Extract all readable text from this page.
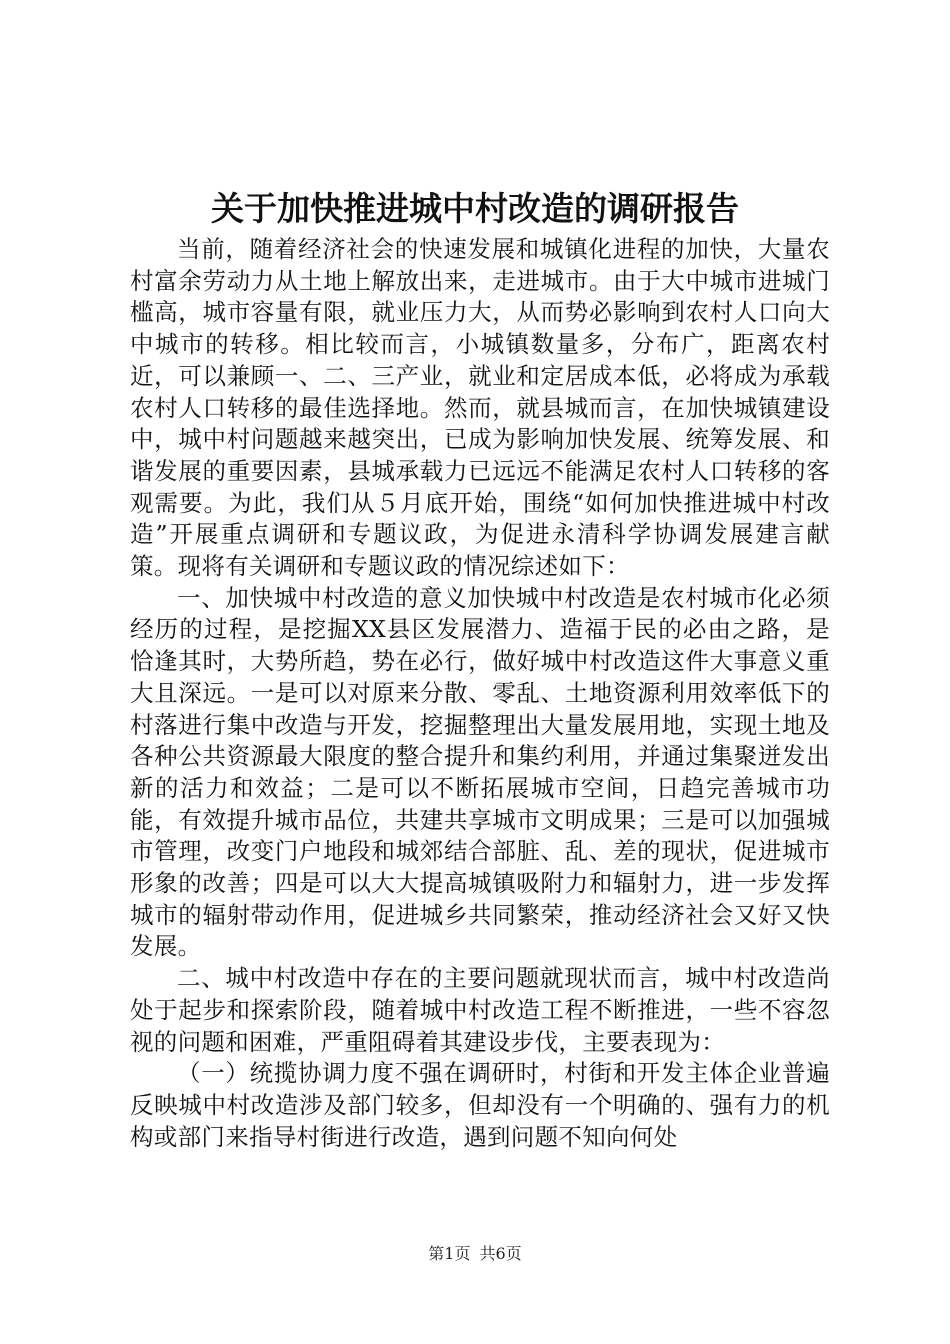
关于加快推进城中村改造的调研报告

当前，随着经济社会的快速发展和城镇化进程的加快，大量农村富余劳动力从土地上解放出来，走进城市。由于大中城市进城门槛高，城市容量有限，就业压力大，从而势必影响到农村人口向大中城市的转移。相比较而言，小城镇数量多，分布广，距离农村近，可以兼顾一、二、三产业，就业和定居成本低，必将成为承载农村人口转移的最佳选择地。然而，就县城而言，在加快城镇建设中，城中村问题越来越突出，已成为影响加快发展、统筹发展、和谐发展的重要因素，县城承载力已远远不能满足农村人口转移的客观需要。为此，我们从５月底开始，围绕“如何加快推进城中村改造”开展重点调研和专题议政，为促进永清科学协调发展建言献策。现将有关调研和专题议政的情况综述如下：

一、加快城中村改造的意义加快城中村改造是农村城市化必须经历的过程，是挖掘XX县区发展潜力、造福于民的必由之路，是恰逢其时，大势所趋，势在必行，做好城中村改造这件大事意义重大且深远。一是可以对原来分散、零乱、土地资源利用效率低下的村落进行集中改造与开发，挖掘整理出大量发展用地，实现土地及各种公共资源最大限度的整合提升和集约利用，并通过集聚迸发出新的活力和效益；二是可以不断拓展城市空间，日趋完善城市功能，有效提升城市品位，共建共享城市文明成果；三是可以加强城市管理，改变门户地段和城郊结合部脏、乱、差的现状，促进城市形象的改善；四是可以大大提高城镇吸附力和辐射力，进一步发挥城市的辐射带动作用，促进城乡共同繁荣，推动经济社会又好又快发展。

二、城中村改造中存在的主要问题就现状而言，城中村改造尚处于起步和探索阶段，随着城中村改造工程不断推进，一些不容忽视的问题和困难，严重阻碍着其建设步伐，主要表现为：

（一）统揽协调力度不强在调研时，村街和开发主体企业普遍反映城中村改造涉及部门较多，但却没有一个明确的、强有力的机构或部门来指导村街进行改造，遇到问题不知向何处

第1页 共6页
